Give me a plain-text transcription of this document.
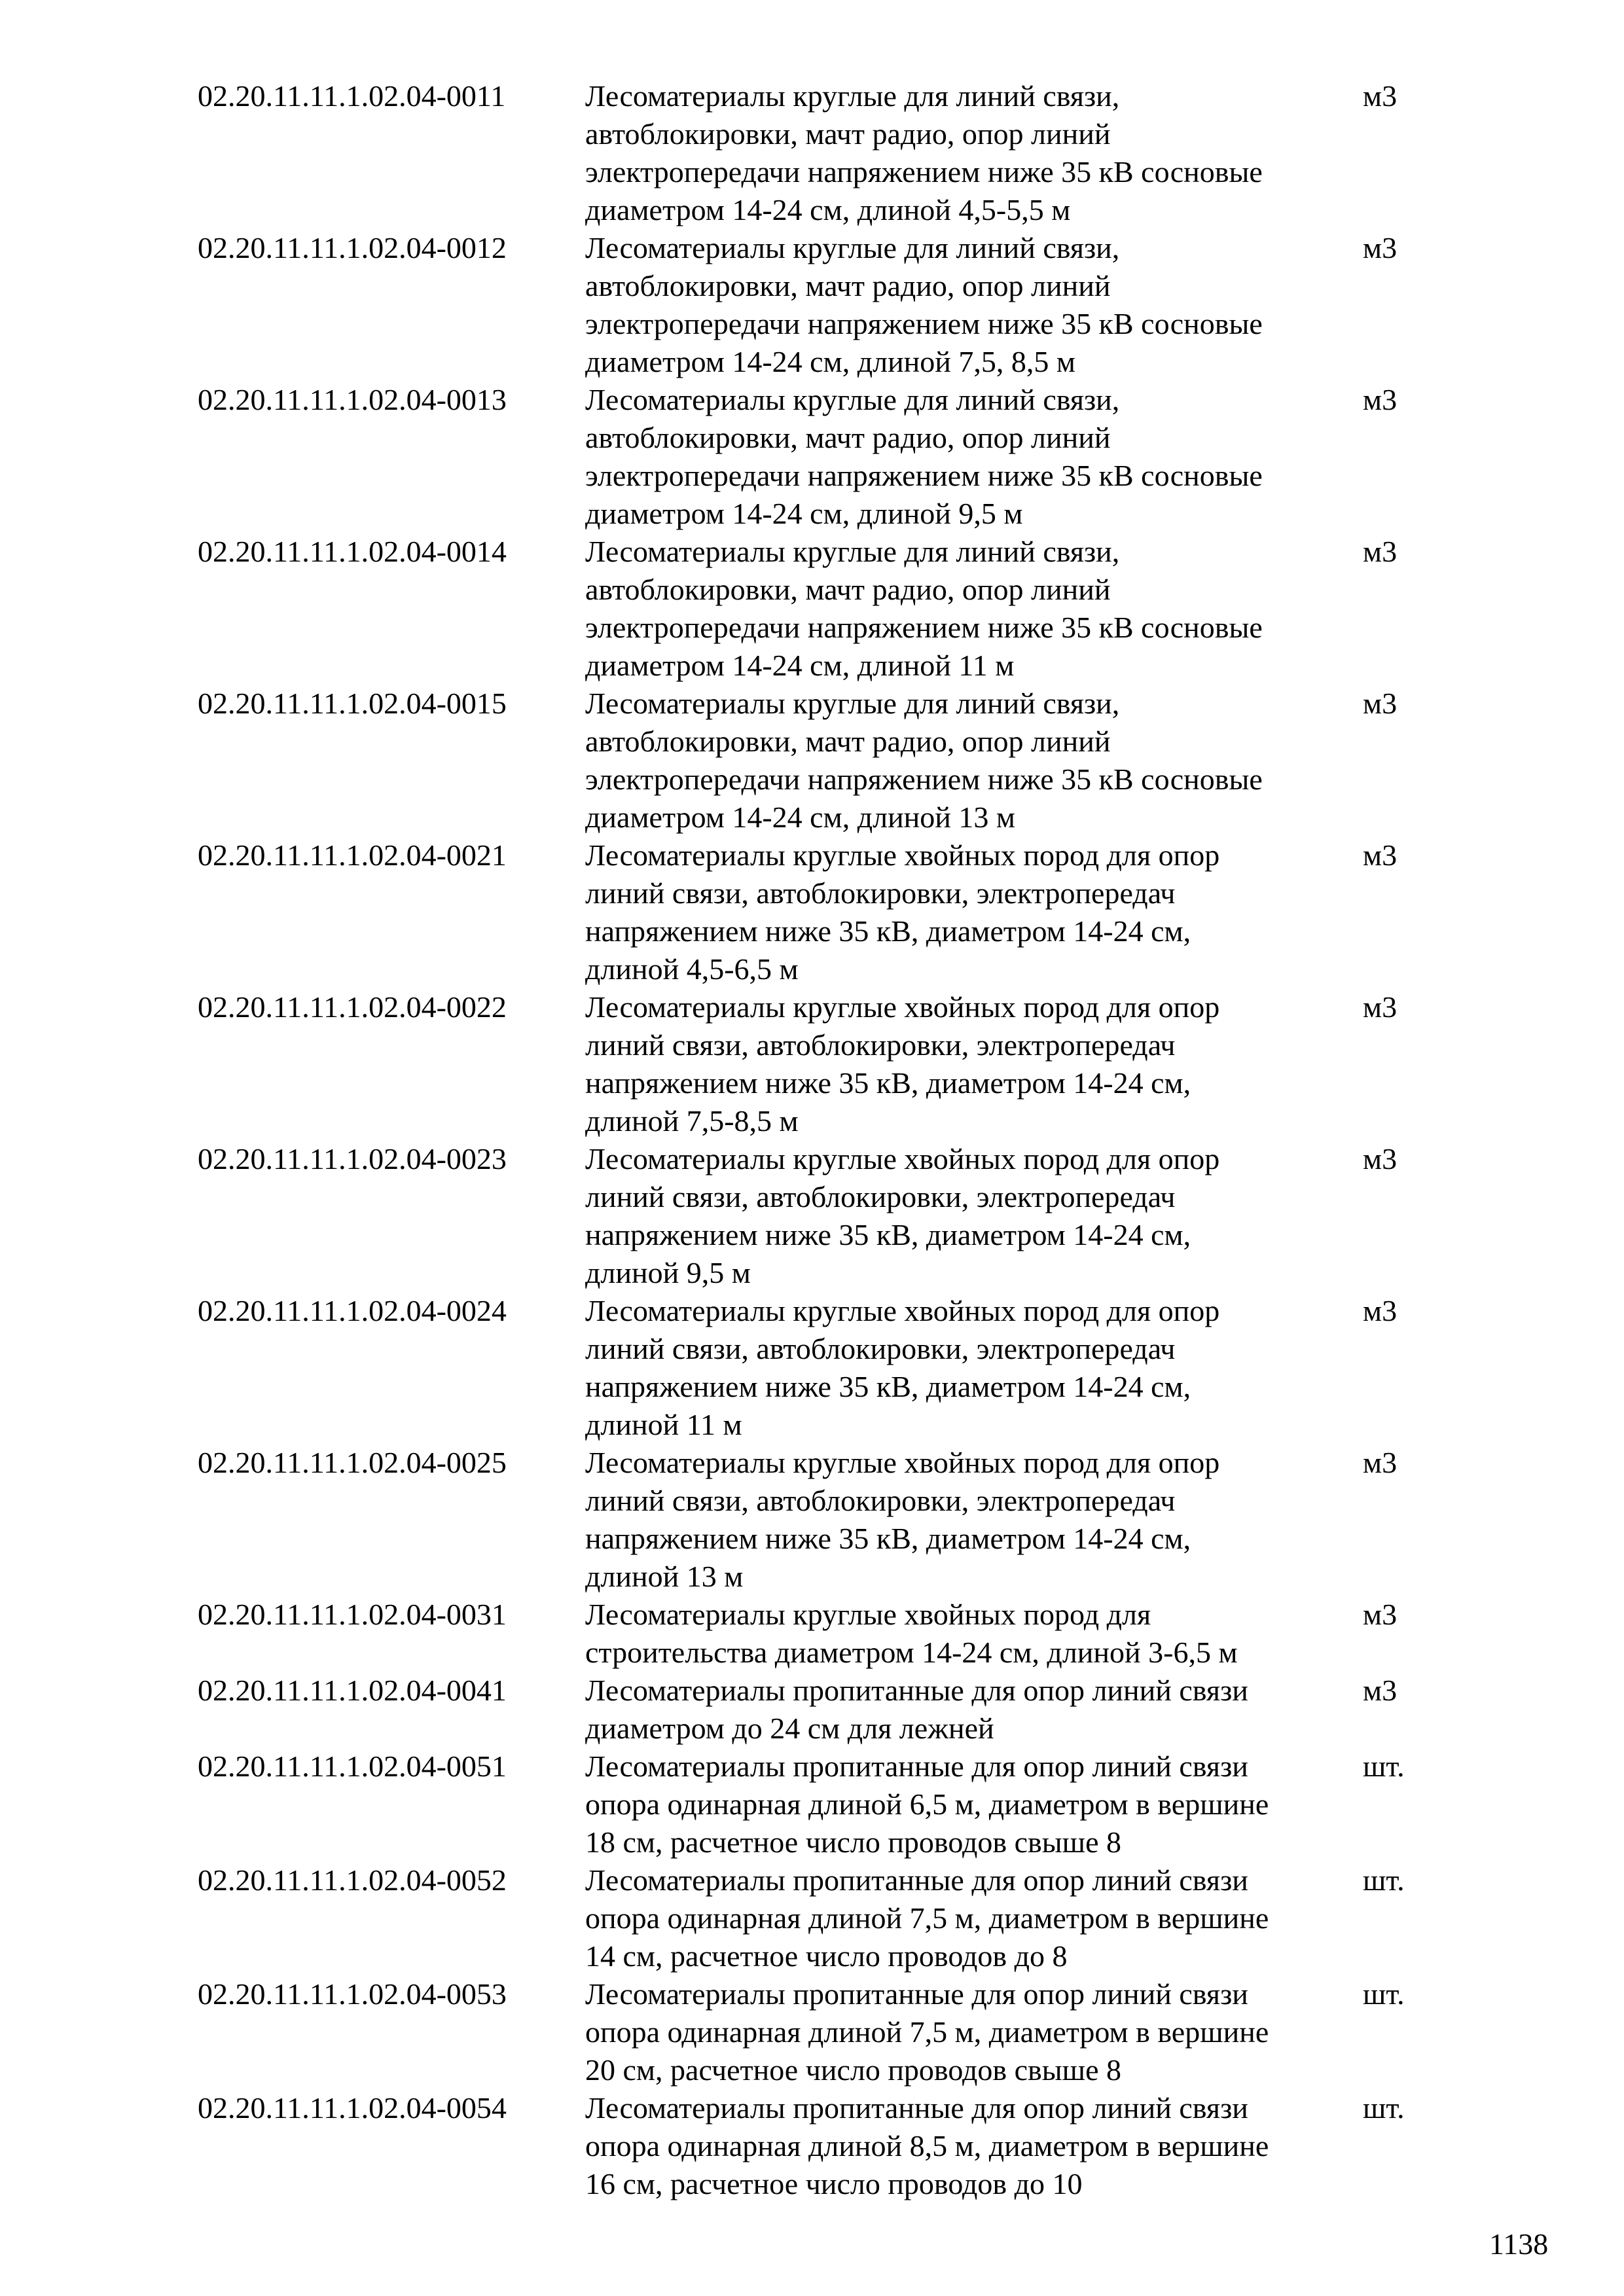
02.20.11.11.1.02.04-0011	Лесоматериалы круглые для линий связи,
автоблокировки, мачт радио, опор линий
электропередачи напряжением ниже 35 кВ сосновые
диаметром 14-24 см, длиной 4,5-5,5 м
м3
02.20.11.11.1.02.04-0012	Лесоматериалы круглые для линий связи,
автоблокировки, мачт радио, опор линий
электропередачи напряжением ниже 35 кВ сосновые
диаметром 14-24 см, длиной 7,5, 8,5 м
м3
02.20.11.11.1.02.04-0013	Лесоматериалы круглые для линий связи,
автоблокировки, мачт радио, опор линий
электропередачи напряжением ниже 35 кВ сосновые
диаметром 14-24 см, длиной 9,5 м
м3
02.20.11.11.1.02.04-0014	Лесоматериалы круглые для линий связи,
автоблокировки, мачт радио, опор линий
электропередачи напряжением ниже 35 кВ сосновые
диаметром 14-24 см, длиной 11 м
м3
02.20.11.11.1.02.04-0015	Лесоматериалы круглые для линий связи,
автоблокировки, мачт радио, опор линий
электропередачи напряжением ниже 35 кВ сосновые
диаметром 14-24 см, длиной 13 м
м3
02.20.11.11.1.02.04-0021	Лесоматериалы круглые хвойных пород для опор
линий связи, автоблокировки, электропередач
напряжением ниже 35 кВ, диаметром 14-24 см,
длиной 4,5-6,5 м
м3
02.20.11.11.1.02.04-0022	Лесоматериалы круглые хвойных пород для опор
линий связи, автоблокировки, электропередач
напряжением ниже 35 кВ, диаметром 14-24 см,
длиной 7,5-8,5 м
м3
02.20.11.11.1.02.04-0023	Лесоматериалы круглые хвойных пород для опор
линий связи, автоблокировки, электропередач
напряжением ниже 35 кВ, диаметром 14-24 см,
длиной 9,5 м
м3
02.20.11.11.1.02.04-0024	Лесоматериалы круглые хвойных пород для опор
линий связи, автоблокировки, электропередач
напряжением ниже 35 кВ, диаметром 14-24 см,
длиной 11 м
м3
02.20.11.11.1.02.04-0025	Лесоматериалы круглые хвойных пород для опор
линий связи, автоблокировки, электропередач
напряжением ниже 35 кВ, диаметром 14-24 см,
длиной 13 м
м3
02.20.11.11.1.02.04-0031	Лесоматериалы круглые хвойных пород для
строительства диаметром 14-24 см, длиной 3-6,5 м
м3
02.20.11.11.1.02.04-0041	Лесоматериалы пропитанные для опор линий связи
диаметром до 24 см для лежней
м3
02.20.11.11.1.02.04-0051	Лесоматериалы пропитанные для опор линий связи
опора одинарная длиной 6,5 м, диаметром в вершине
18 см, расчетное число проводов свыше 8
шт.
02.20.11.11.1.02.04-0052	Лесоматериалы пропитанные для опор линий связи
опора одинарная длиной 7,5 м, диаметром в вершине
14 см, расчетное число проводов до 8
шт.
02.20.11.11.1.02.04-0053	Лесоматериалы пропитанные для опор линий связи
опора одинарная длиной 7,5 м, диаметром в вершине
20 см, расчетное число проводов свыше 8
шт.
02.20.11.11.1.02.04-0054	Лесоматериалы пропитанные для опор линий связи
опора одинарная длиной 8,5 м, диаметром в вершине
16 см, расчетное число проводов до 10
шт.
1138
